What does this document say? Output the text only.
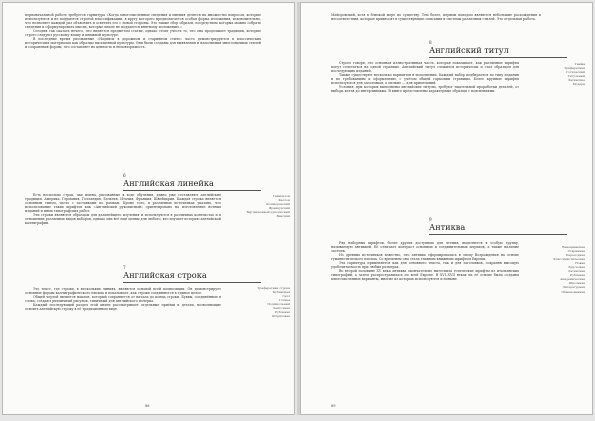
первоначальной работе требуется гарнитура «Когда многочисленные сведения и мнения делятся на множество вопросов, которые используются и не поддаются строгой классификации, в кругу которого предполагается особая форма изложения, исключительно, что позволяет каждый раз объяснить и осветить его с новой стороны. Это также сбор образов, посредством которых можно собрать сведения и сформулировать мысли, которые иначе не поддаются внятному изложению.»

Сегодня так сказать нечего, что является предметом статьи, однако стоит учесть то, что она продолжает традиции, которые строго следуют русскому языку и книжной культуре.

В последние время рисованные «Надписи в дорожном и старинном стиле» часто демонстрируются в классических исторических материалах как образцы письменной культуры. Они были созданы для выявления и наполнения многозначных стилей и сохранения формы, что составляет их ценность и неповторимость.

6
Английская линейка
Гамильтон
Каслон
Коммерческий
Французский
Вертикальный рукописный
Венский

Есть несколько строк, чьи имена, рисованные в ходе обучения, давно уже составляют английские традиции. Америка, Германия, Голландия, Бельгия, Италия, Франция, Швейцария. Каждая строка является основным типом, часто с заставками по рамкам. Кроме того, в различных источниках указано, что использование таких шрифтов как «Английский рукописный» ориентировано на изготовление нотных изданий и иных типографских работ.

Эти строки являются образцом для дальнейшего изучения и используются в различных контекстах и в отношении различных видов наборов, однако они всё ещё ценны для любого, кто изучает историю английской каллиграфии.

7
Английская строка
Трафаретная строка
Кубинская
Галл
Готика
Подшкольный
Ленточная
Рубленая
Штриховая

Это текст, где строки, в нескольких линиях, являются основой всей композиции. Он демонстрирует основные формы каллиграфического письма и показывает, как строки соединяются в единое целое.

Общей чертой является наклон, который сохраняется от начала до конца строки. Буквы, соединённые в слова, создают ритмичный рисунок, типичный для английского почерка.

Каждый последующий раздел этой книги рассматривает отдельные приёмы и детали, позволяющие освоить английскую строку в её традиционном виде.

88

Майоровский, хотя в близкой мере по существу. Тем более, первым поводом являются небольшие расхождения и несоответствия, которые привносят в существующие описания и системы различных стилей. Это отдельная работа.

8
Английский титул
Гамма
Трафаретная
Готический
Титульный
Латинские
Модерн

Строго говоря, это основная иллюстративная часть, которая показывает, как различные шрифты могут сочетаться на одной странице. Английский титул сложился исторически и стал образцом для последующих изданий.

Также существуют несколько вариантов в исполнении. Каждый набор подбирается по типу издания и по требованиям к оформлению, с учётом общей гармонии страницы. Более крупные шрифты используются для заголовков, а мелкие — для примечаний.

Условия, при которых выполнены английские титулы, требуют тщательной проработки деталей, от выбора кегля до интерлиньяжа. В книге представлены характерные образцы с пояснениями.

9
Антиква
Венецианская
Старинная
Переходная
Классицистическая
Новая
Брусковая
Латинская
Рубленая
Академическая
Школьная
Литературная
Обыкновенная

Ряд наборных шрифтов, более других доступных для чтения, выделяется в особую группу, называемую антиквой. Её отличает контраст основных и соединительных штрихов, а также наличие засечек.

Из древних источников известно, что антиква сформировалась в эпоху Возрождения на основе гуманистического письма. Со временем она стала главным книжным шрифтом Европы.

Эта гарнитура применяется как для основного текста, так и для заголовков, сохраняя высокую удобочитаемость при любых размерах.

Во второй половине XV века антиква окончательно вытеснила готические шрифты из итальянских типографий, а затем распространилась по всей Европе. В XVI–XVII веках на её основе были созданы многочисленные варианты, многие из которых используются и поныне.

89
